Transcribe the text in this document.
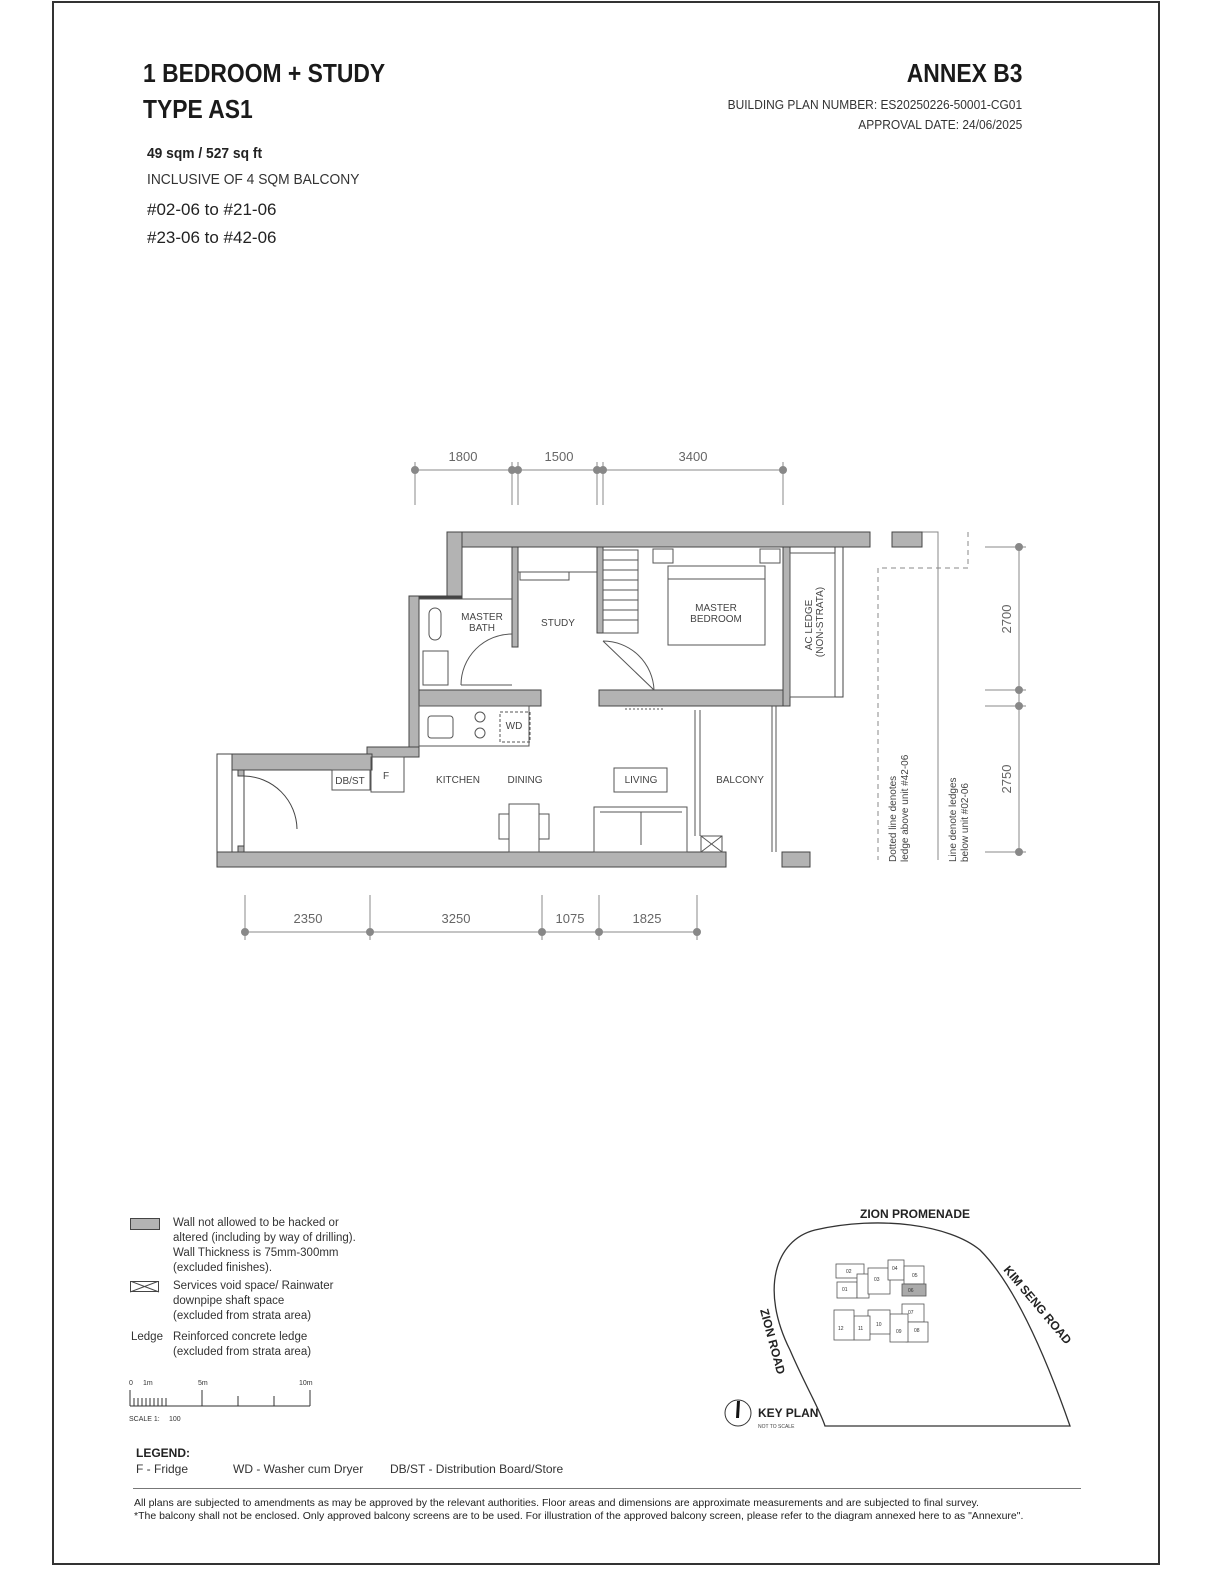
1 BEDROOM + STUDY
TYPE AS1
49 sqm / 527 sq ft
INCLUSIVE OF 4 SQM BALCONY
#02-06 to #21-06
#23-06 to #42-06
ANNEX B3
BUILDING PLAN NUMBER: ES20250226-50001-CG01
APPROVAL DATE: 24/06/2025
1800	1500	3400
2350	3250	1075	1825
2700
2750
Dotted line denotes ledge above unit #42-06	Line denote ledges below unit #02-06
MASTER
BATH	STUDY
MASTER
BEDROOM
WD
DB/ST F	KITCHEN	DINING	LIVING	BALCONY
AC LEDGE (NON-STRATA)
Wall not allowed to be hacked or
altered (including by way of drilling).
Wall Thickness is 75mm-300mm
(excluded finishes).
Services void space/ Rainwater
downpipe shaft space
(excluded from strata area)
Ledge Reinforced concrete ledge
(excluded from strata area)
0 1m	5m	10m
SCALE 1: 100
ZION PROMENADE
KIM SENG ROAD
ZION ROAD
01
02
03
04
05
06
07
08
09
10
11
12
KEY PLAN
NOT TO SCALE
LEGEND:
F - Fridge	WD - Washer cum Dryer DB/ST - Distribution Board/Store
All plans are subjected to amendments as may be approved by the relevant authorities. Floor areas and dimensions are approximate measurements and are subjected to final survey.
*The balcony shall not be enclosed. Only approved balcony screens are to be used. For illustration of the approved balcony screen, please refer to the diagram annexed here to as "Annexure".
